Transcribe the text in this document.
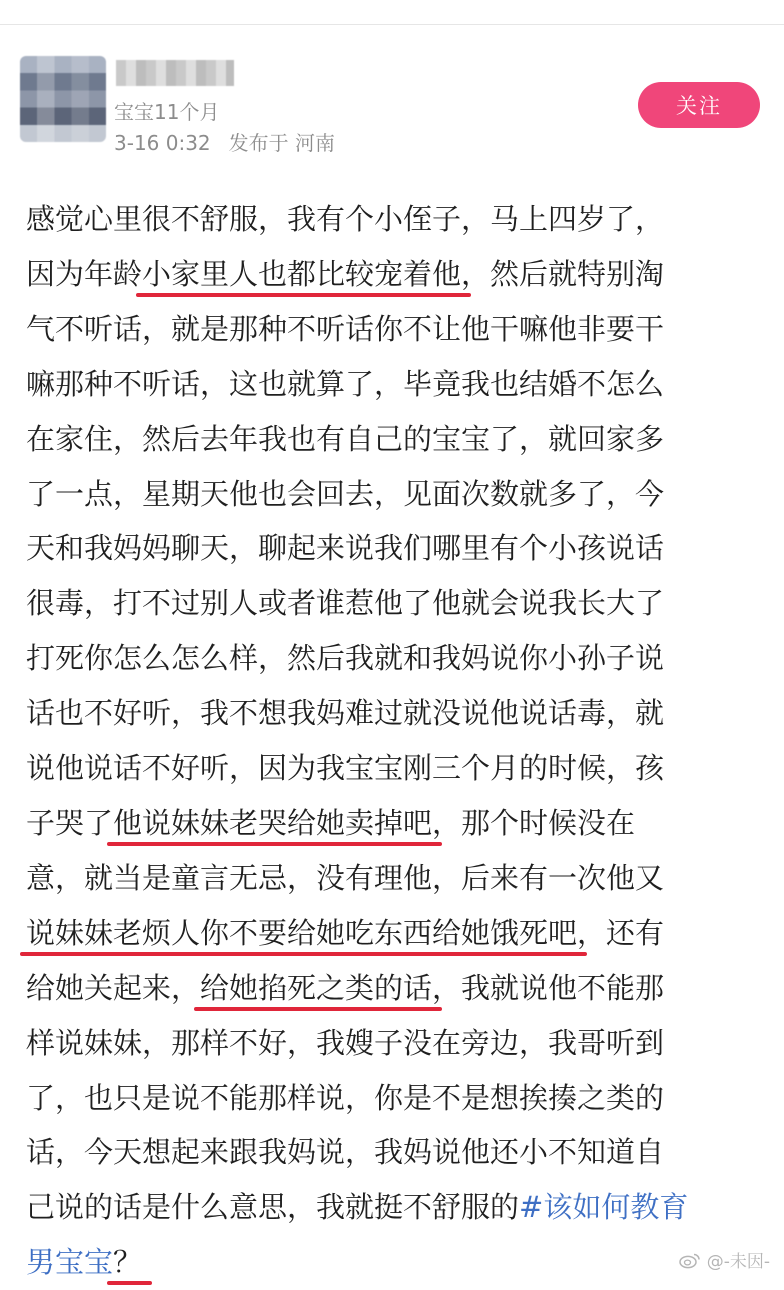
宝宝11个月
3-16 0:32 发布于 河南
关注
感觉心里很不舒服，我有个小侄子，马上四岁了，
因为年龄小家里人也都比较宠着他，然后就特别淘
气不听话，就是那种不听话你不让他干嘛他非要干
嘛那种不听话，这也就算了，毕竟我也结婚不怎么
在家住，然后去年我也有自己的宝宝了，就回家多
了一点，星期天他也会回去，见面次数就多了，今
天和我妈妈聊天，聊起来说我们哪里有个小孩说话
很毒，打不过别人或者谁惹他了他就会说我长大了
打死你怎么怎么样，然后我就和我妈说你小孙子说
话也不好听，我不想我妈难过就没说他说话毒，就
说他说话不好听，因为我宝宝刚三个月的时候，孩
子哭了他说妹妹老哭给她卖掉吧，那个时候没在
意，就当是童言无忌，没有理他，后来有一次他又
说妹妹老烦人你不要给她吃东西给她饿死吧，还有
给她关起来，给她掐死之类的话，我就说他不能那
样说妹妹，那样不好，我嫂子没在旁边，我哥听到
了，也只是说不能那样说，你是不是想挨揍之类的
话，今天想起来跟我妈说，我妈说他还小不知道自
己说的话是什么意思，我就挺不舒服的#该如何教育
男宝宝？	@-未因-
